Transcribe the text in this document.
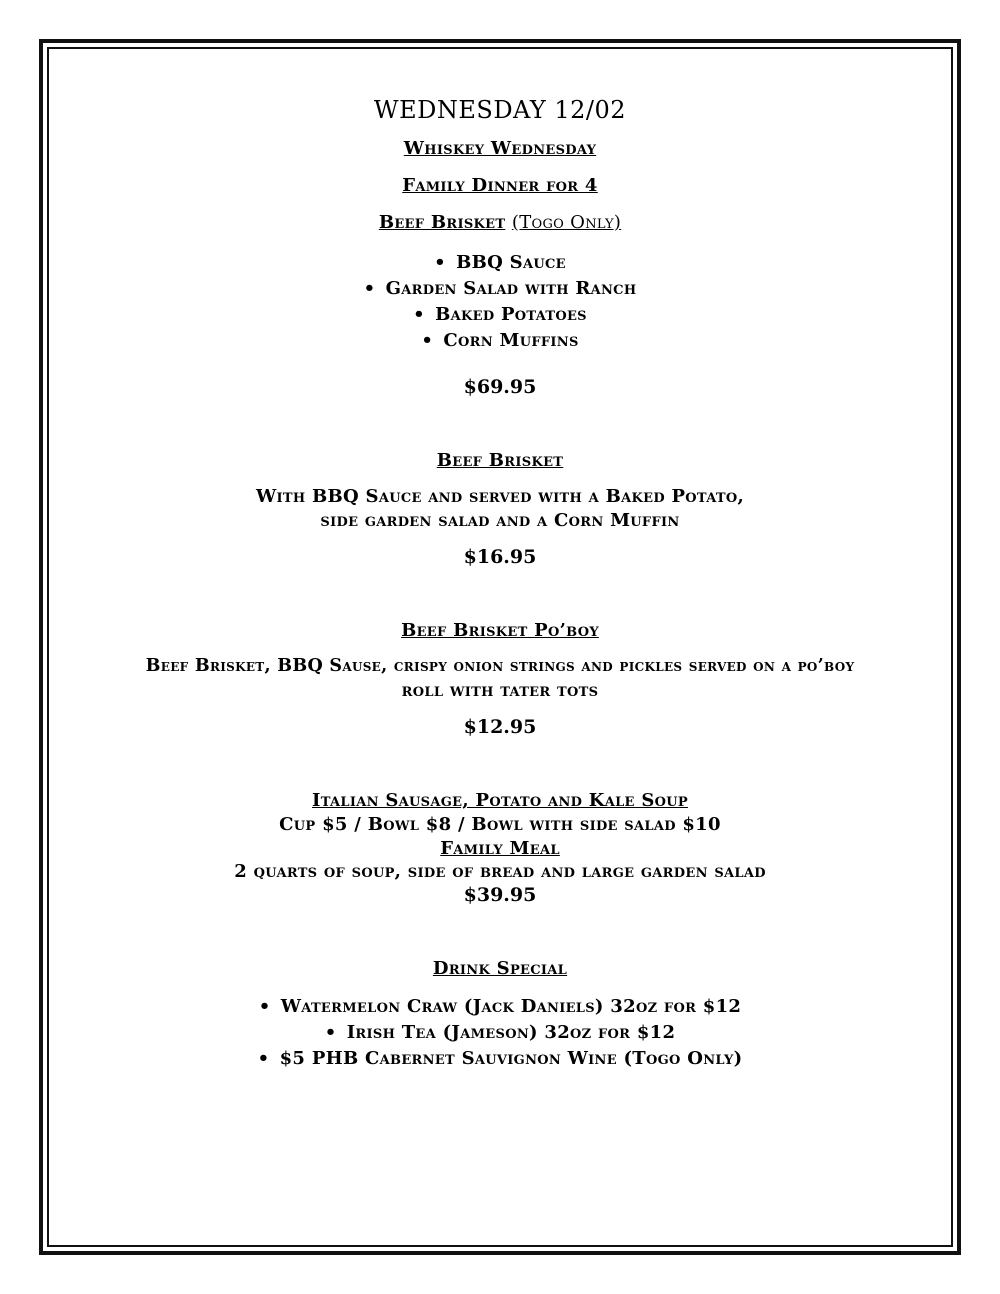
WEDNESDAY 12/02
Whiskey Wednesday
Family Dinner for 4
Beef Brisket (Togo Only)
• BBQ Sauce
• Garden Salad with Ranch
• Baked Potatoes
• Corn Muffins
$69.95
Beef Brisket
With BBQ Sauce and served with a Baked Potato,
side garden salad and a Corn Muffin
$16.95
Beef Brisket Po’boy
Beef Brisket, BBQ Sause, crispy onion strings and pickles served on a po’boy
roll with tater tots
$12.95
Italian Sausage, Potato and Kale Soup
Cup $5 / Bowl $8 / Bowl with side salad $10
Family Meal
2 quarts of soup, side of bread and large garden salad
$39.95
Drink Special
• Watermelon Craw (Jack Daniels) 32oz for $12
• Irish Tea (Jameson) 32oz for $12
• $5 PHB Cabernet Sauvignon Wine (Togo Only)
